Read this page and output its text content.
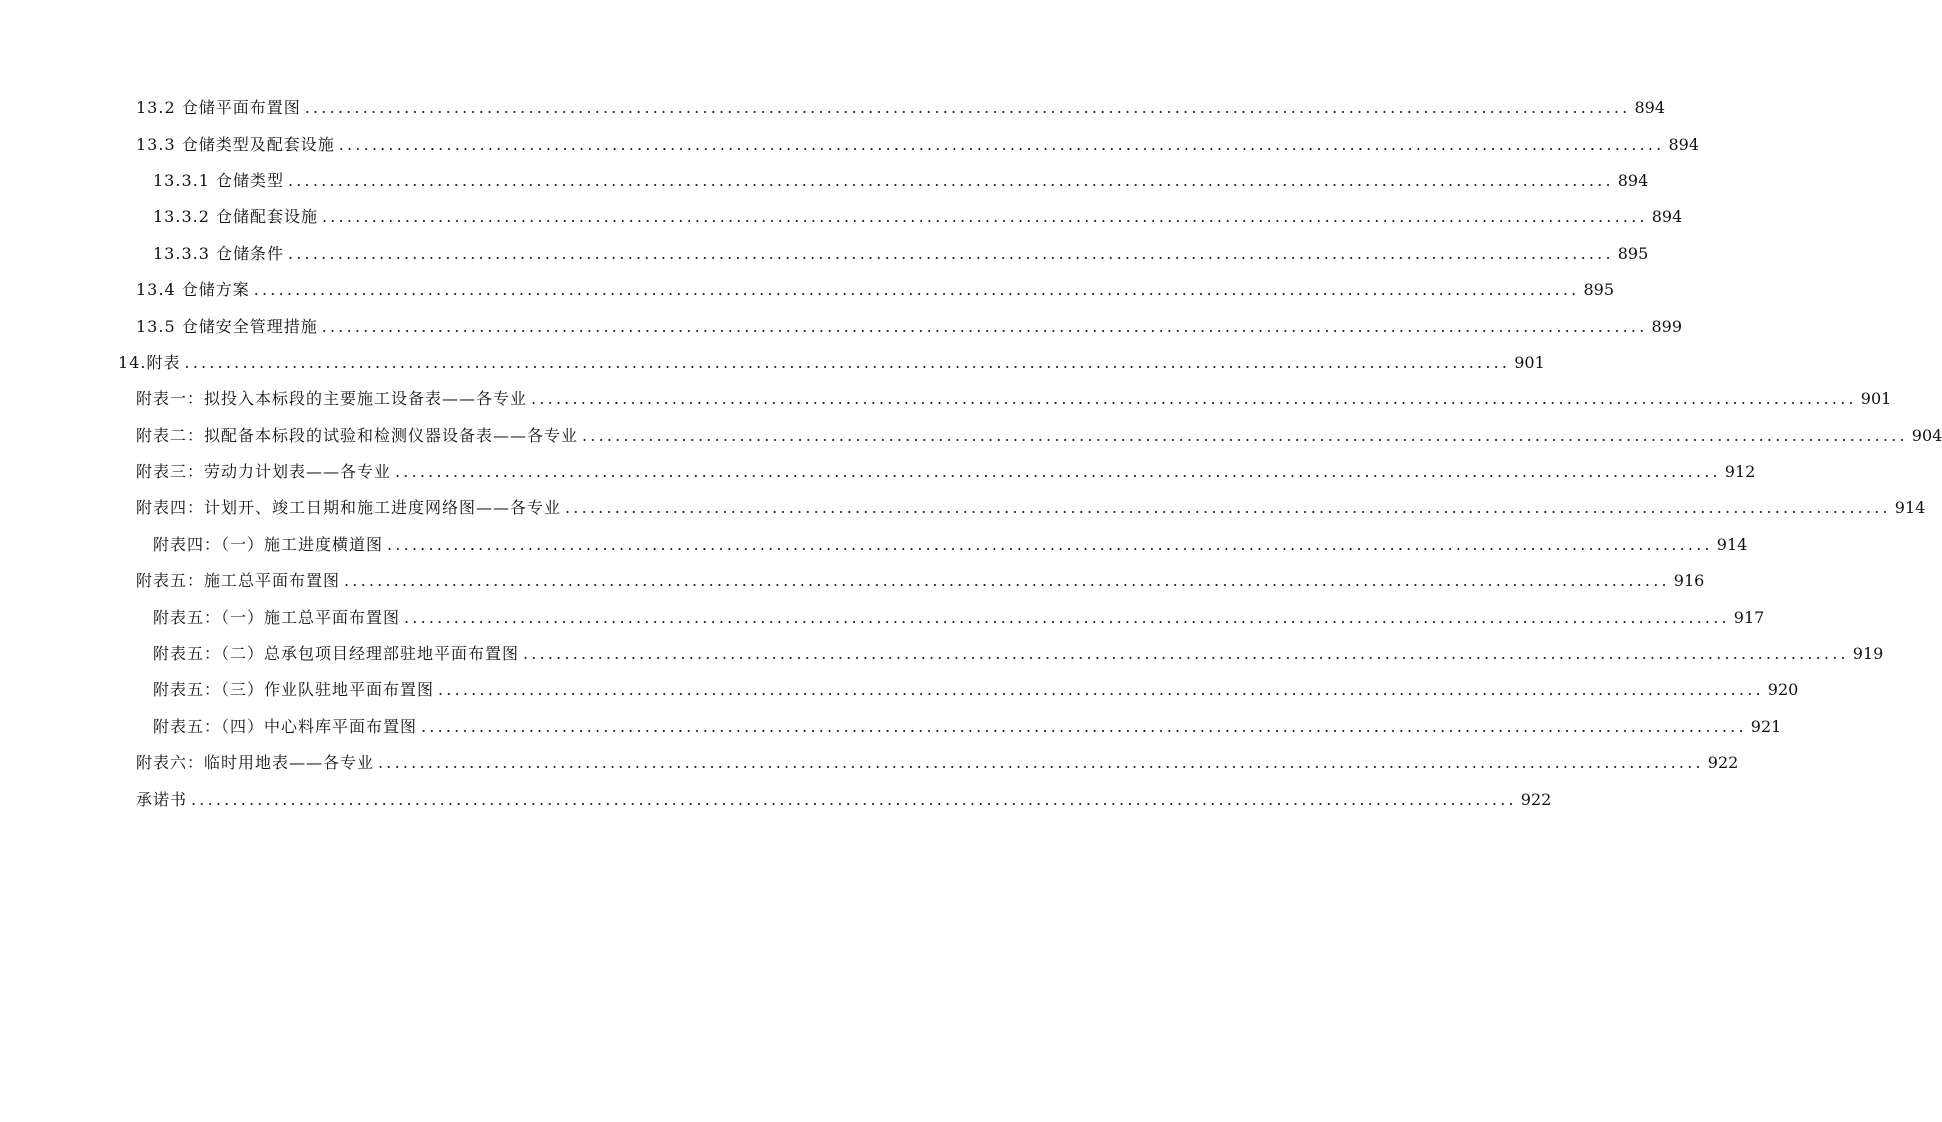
13.2 仓储平面布置图 ................................................................................................................................................................ 894
13.3 仓储类型及配套设施 ................................................................................................................................................................ 894
13.3.1 仓储类型 ................................................................................................................................................................ 894
13.3.2 仓储配套设施 ................................................................................................................................................................ 894
13.3.3 仓储条件 ................................................................................................................................................................ 895
13.4 仓储方案 ................................................................................................................................................................ 895
13.5 仓储安全管理措施 ................................................................................................................................................................ 899
14.附表 ................................................................................................................................................................ 901
附表一：拟投入本标段的主要施工设备表——各专业 ................................................................................................................................................................ 901
附表二：拟配备本标段的试验和检测仪器设备表——各专业 ................................................................................................................................................................ 904
附表三：劳动力计划表——各专业 ................................................................................................................................................................ 912
附表四：计划开、竣工日期和施工进度网络图——各专业 ................................................................................................................................................................ 914
附表四：（一）施工进度横道图 ................................................................................................................................................................ 914
附表五：施工总平面布置图 ................................................................................................................................................................ 916
附表五：（一）施工总平面布置图 ................................................................................................................................................................ 917
附表五：（二）总承包项目经理部驻地平面布置图 ................................................................................................................................................................ 919
附表五：（三）作业队驻地平面布置图 ................................................................................................................................................................ 920
附表五：（四）中心料库平面布置图 ................................................................................................................................................................ 921
附表六：临时用地表——各专业 ................................................................................................................................................................ 922
承诺书 ................................................................................................................................................................ 922
